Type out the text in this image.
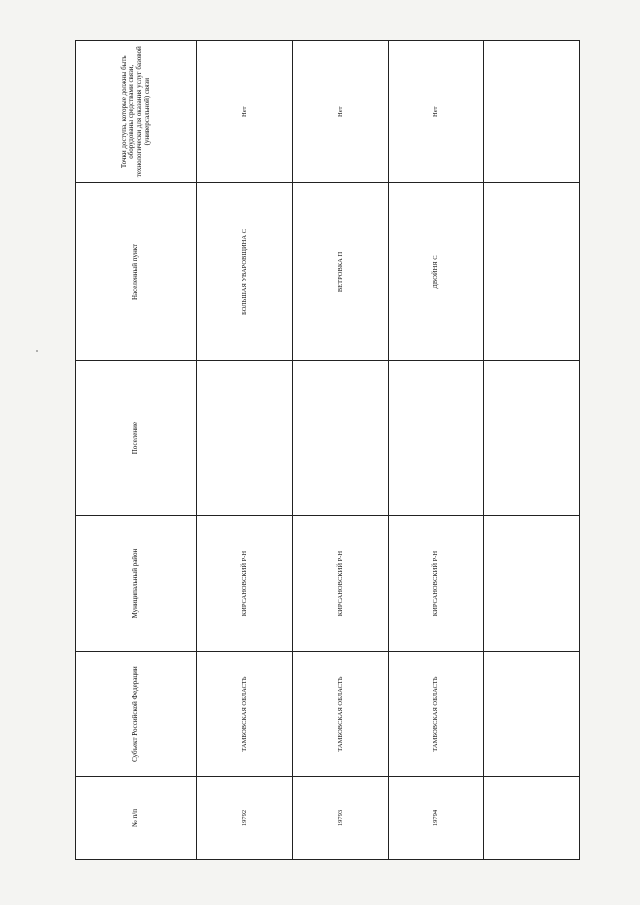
№ п/п	Субъект Российской Федерации	Муниципальный район	Поселение	Населенный пункт	Точки доступа, которые должны быть оборудованы средствами связи, технологически для оказания услуг базовой (универсальной) связи
19792	ТАМБОВСКАЯ ОБЛАСТЬ	КИРСАНОВСКИЙ Р-Н		БОЛЬШАЯ УВАРОВЩИНА С	Нет
19793	ТАМБОВСКАЯ ОБЛАСТЬ	КИРСАНОВСКИЙ Р-Н		ВЕТРОВКА П	Нет
19794	ТАМБОВСКАЯ ОБЛАСТЬ	КИРСАНОВСКИЙ Р-Н		ДВОЙНЯ С	Нет
